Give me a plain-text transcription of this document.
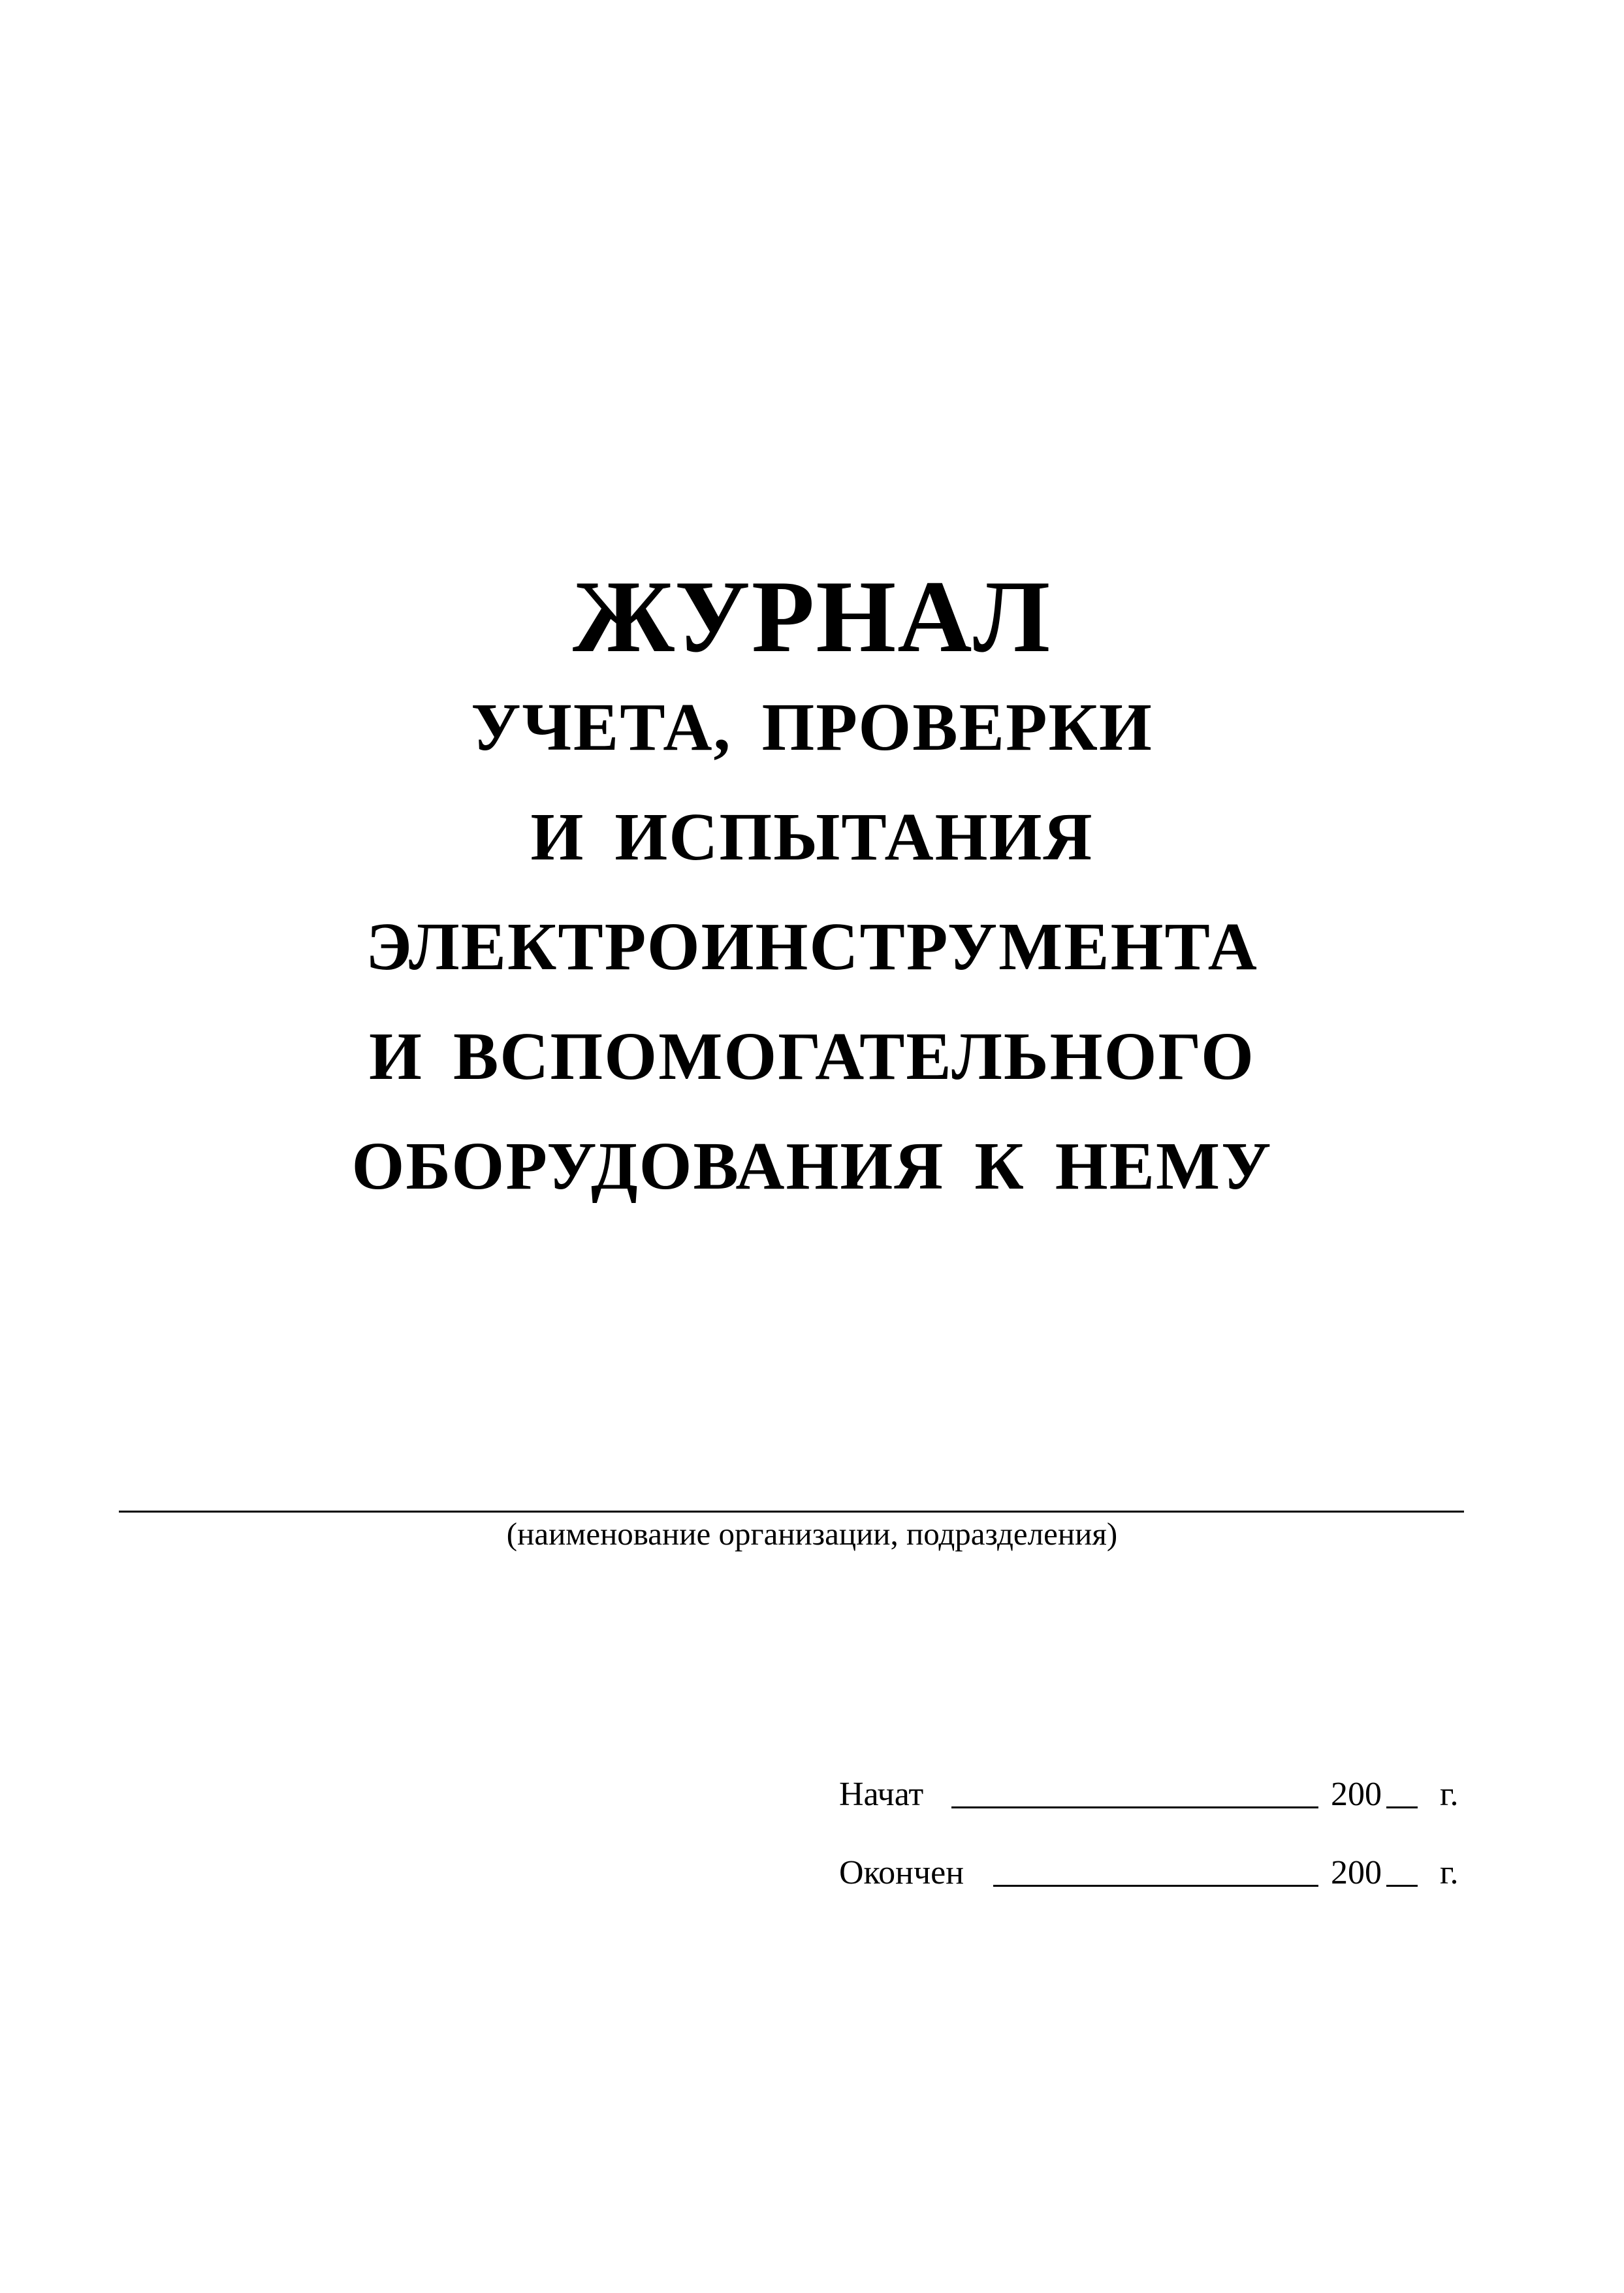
ЖУРНАЛ

УЧЕТА, ПРОВЕРКИ

И ИСПЫТАНИЯ

ЭЛЕКТРОИНСТРУМЕНТА

И ВСПОМОГАТЕЛЬНОГО

ОБОРУДОВАНИЯ К НЕМУ

(наименование организации, подразделения)
Начат	200 г.
Окончен	200 г.
